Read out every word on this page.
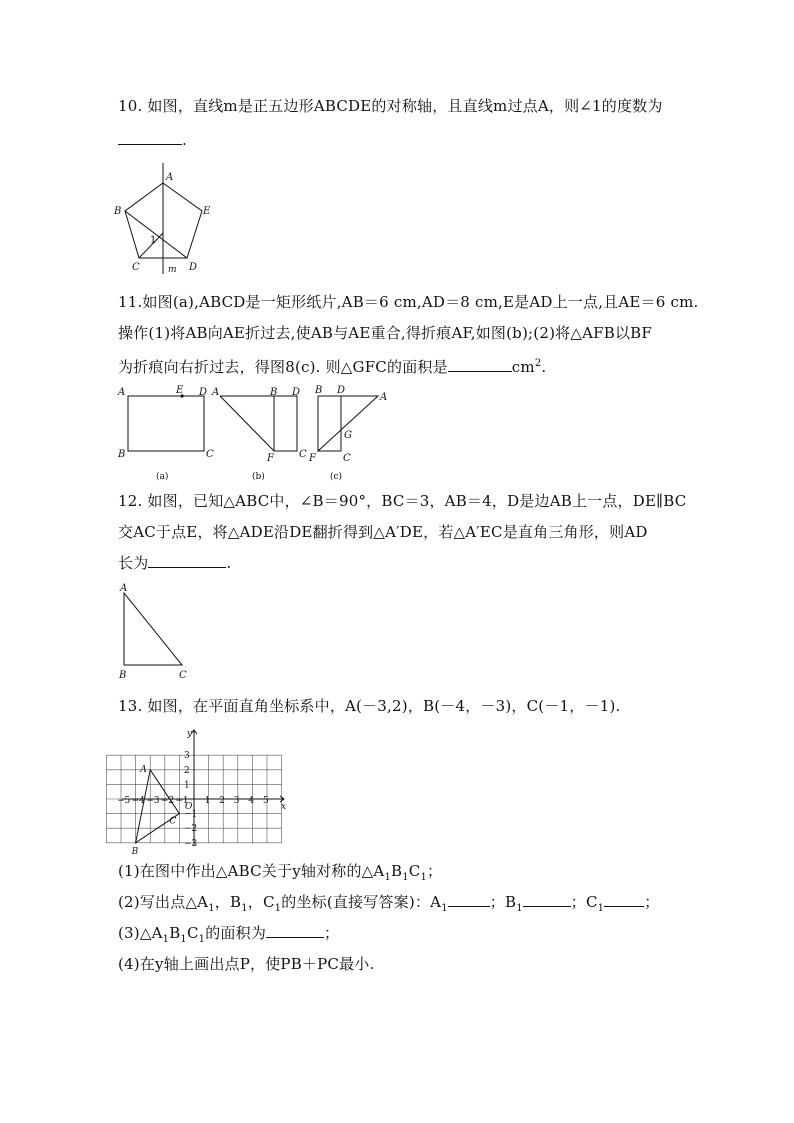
10. 如图，直线m是正五边形ABCDE的对称轴，且直线m过点A，则∠1的度数为
.
A
B
C	D
E
1
m
11.如图(a),ABCD是一矩形纸片,AB＝6 cm,AD＝8 cm,E是AD上一点,且AE＝6 cm.
操作(1)将AB向AE折过去,使AB与AE重合,得折痕AF,如图(b);(2)将△AFB以BF
为折痕向右折过去，得图8(c). 则△GFC的面积是	$cm^2$.
A	E D
B	C
(a)
A	B D
F	C
(b)
B D
A
G
F	C
(c)
12. 如图，已知△ABC中，∠B＝90°，BC＝3，AB＝4，D是边AB上一点，DE∥BC
交AC于点E，将△ADE沿DE翻折得到△A′DE，若△A′EC是直角三角形，则AD
长为	.
A
B	C
13. 如图，在平面直角坐标系中，A(－3,2)，B(－4，－3)，C(－1，－1).
−5 −4 −3 −2 −1 1 2 3 4 5
3
2
1
−1
−2
−3
O	x
y
A
B
C
(1)在图中作出△ABC关于y轴对称的$\triangle A_1B_1C_1$；
(2)写出点$\triangle A_1$，$B_1$，$C_1$的坐标(直接写答案)：$A_1$	；$B_1$	；$C_1$	；
$(3)\triangle A_1B_1C_1$的面积为	；
(4)在y轴上画出点P，使PB＋PC最小.
